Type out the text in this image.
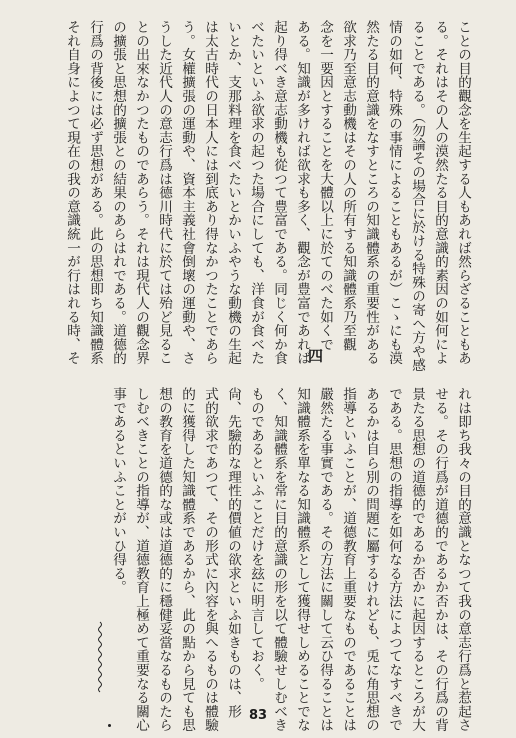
ことの目的觀念を生起する人もあれば然らざることもあ
る。それはその人の漠然たる目的意識的素因の如何によ
ることである。（勿論その場合に於ける特殊の寄へ方や感
情の如何、特殊の事情によることもあるが）こゝにも漠
然たる目的意識をなすところの知識體系の重要性がある
欲求乃至意志動機はその人の所有する知識體系乃至觀
念を一要因とすることを大體以上に於てのべた如くで
ある。知識が多ければ欲求も多く、觀念が豊富であれば
起り得べき意志動機も從つて豊富である。同じく何か食
べたいといふ欲求の起つた場合にしても、洋食が食べた
いとか、支那料理を食べたいとかいふやうな動機の生起
は太古時代の日本人には到底あり得なかつたことであら
う。女權擴張の運動や、資本主義社會倒壞の運動や、さ
うした近代人の意志行爲は德川時代に於ては殆ど見るこ
との出來なかつたものであらう。それは現代人の觀念界
の擴張と思想的擴張との結果のあらはれである。道德的
行爲の背後には必ず思想がある。此の思想即ち知識體系
それ自身によつて現在の我の意識統一が行はれる時、そ	四
れは即ち我々の目的意識となつて我の意志行爲と惹起さ
せる。その行爲が道德的であるか否かは、その行爲の背
景たる思想の道德的であるか否かに起因するところが大
である。思想の指導を如何なる方法によつてなすべきで
あるかは自ら別の問題に屬するけれども、兎に角思想の
指導といふことが、道德教育上重要なものであることは
嚴然たる事實である。その方法に關して云ひ得ることは
知識體系を單なる知識體系として獲得せしめることでな
く、知識體系を常に目的意識の形を以て體驗せしむべき
ものであるといふことだけを玆に明言しておく。
尙、先驗的な理性的價値の欲求といふ如きものは、形
式的欲求であつて、その形式に內容を與へるものは體驗
的に獲得した知識體系であるから、此の點から見ても思
想の教育を道德的な或は道德的に穩健妥當なるものたら
しむべきことの指導が、道德教育上極めて重要なる關心
事であるといふことがいひ得る。
83
